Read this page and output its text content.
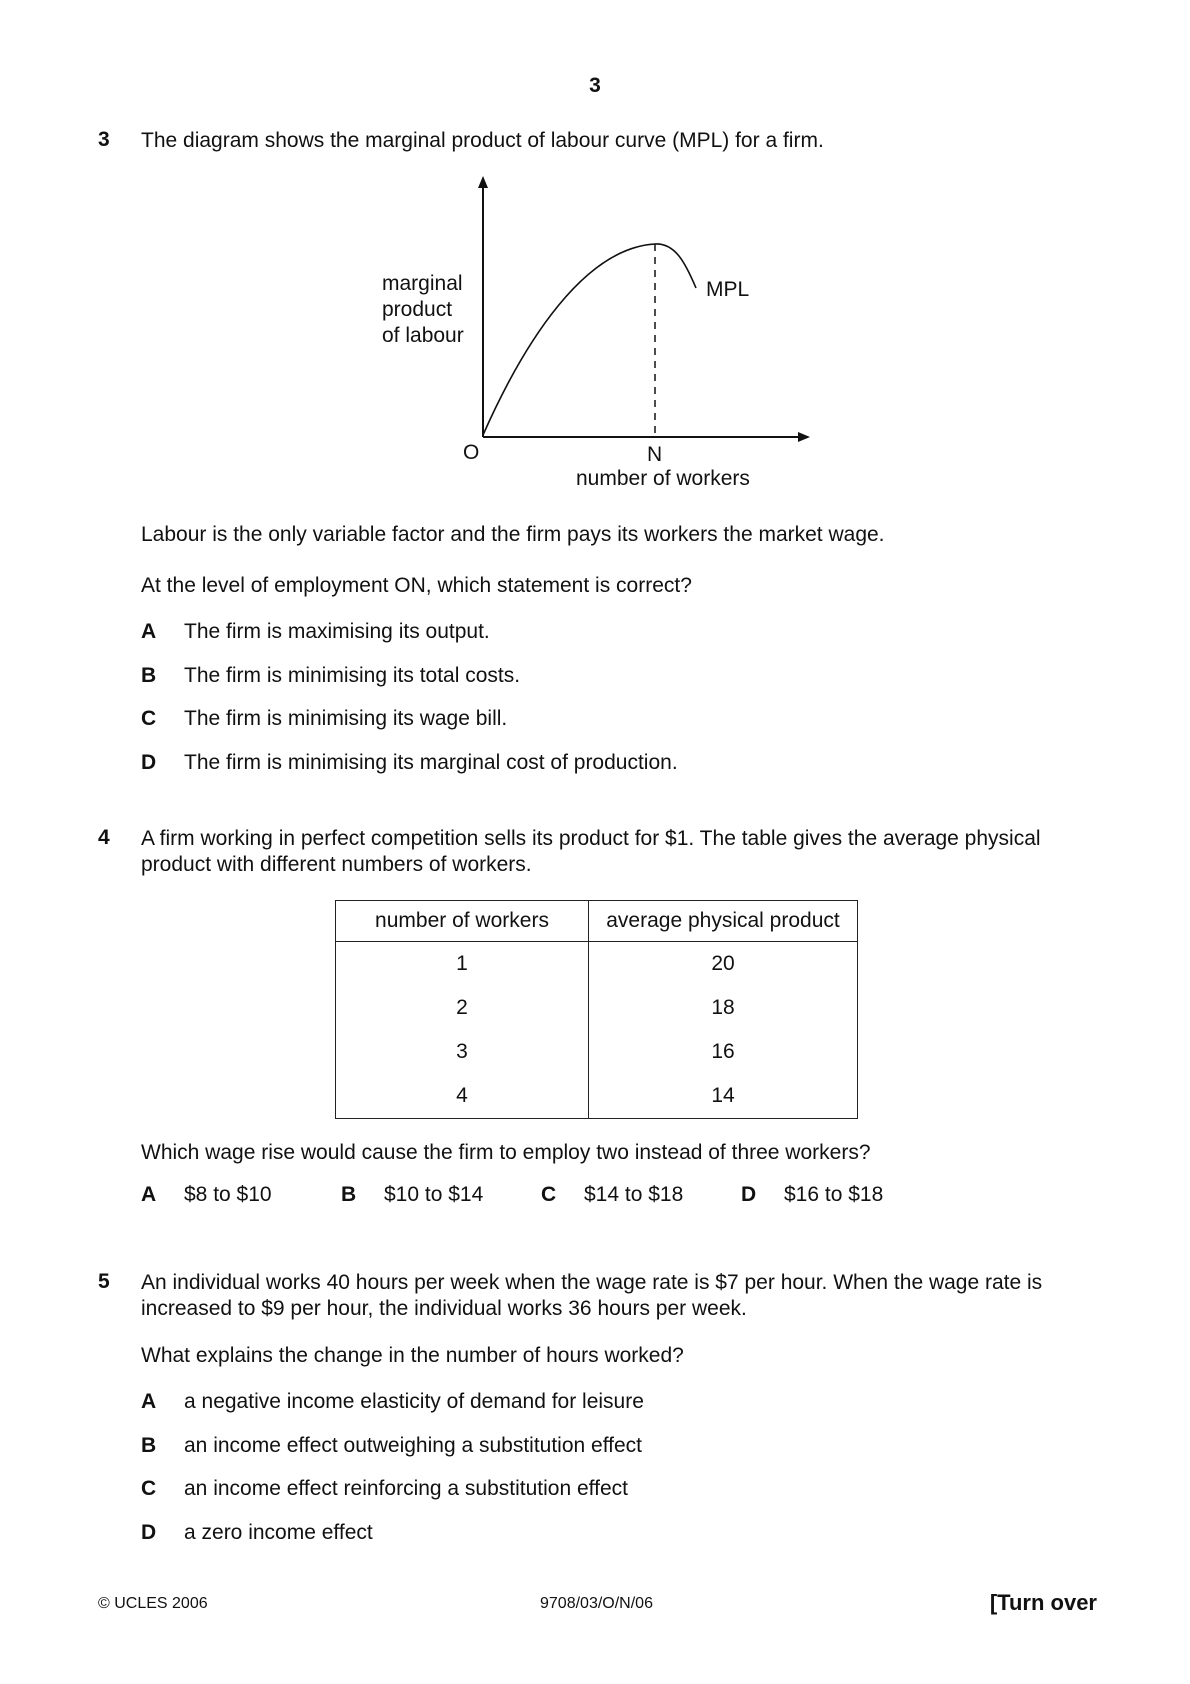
3
3 The diagram shows the marginal product of labour curve (MPL) for a firm.
marginal
product
of labour
MPL
O	N
number of workers
Labour is the only variable factor and the firm pays its workers the market wage.
At the level of employment ON, which statement is correct?
A The firm is maximising its output.
B The firm is minimising its total costs.
C The firm is minimising its wage bill.
D The firm is minimising its marginal cost of production.
4 A firm working in perfect competition sells its product for $1. The table gives the average physical product with different numbers of workers.
number of workers	average physical product
1	20
2	18
3	16
4	14
Which wage rise would cause the firm to employ two instead of three workers?
A $8 to $10	B $10 to $14	C $14 to $18	D $16 to $18
5 An individual works 40 hours per week when the wage rate is $7 per hour. When the wage rate is increased to $9 per hour, the individual works 36 hours per week.
What explains the change in the number of hours worked?
A a negative income elasticity of demand for leisure
B an income effect outweighing a substitution effect
C an income effect reinforcing a substitution effect
D a zero income effect
© UCLES 2006	9708/03/O/N/06	[Turn over
